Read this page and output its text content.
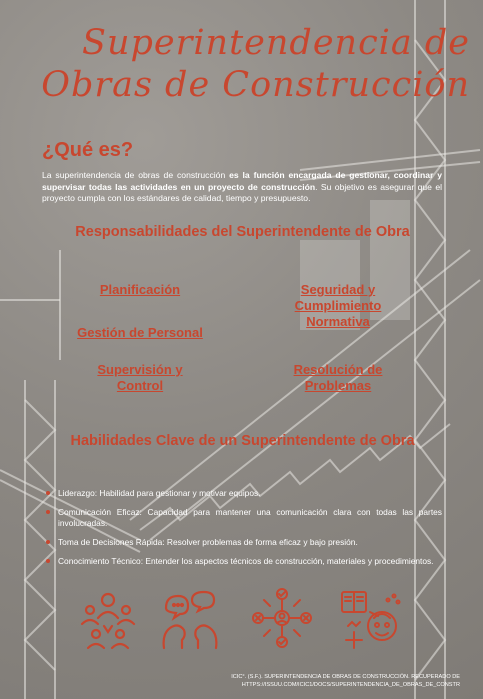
Superintendencia de
Obras de Construcción
¿Qué es?

La superintendencia de obras de construcción es la función encargada de gestionar, coordinar y supervisar todas las actividades en un proyecto de construcción. Su objetivo es asegurar que el proyecto cumpla con los estándares de calidad, tiempo y presupuesto.

Responsabilidades del Superintendente de Obra
Planificación	Seguridad y Cumplimiento Normativa
Gestión de Personal
Supervisión y Control
Resolución de Problemas
Habilidades Clave de un Superintendente de Obra
Liderazgo: Habilidad para gestionar y motivar equipos.
Comunicación Eficaz: Capacidad para mantener una comunicación clara con todas las partes involucradas.
Toma de Decisiones Rápida: Resolver problemas de forma eficaz y bajo presión.
Conocimiento Técnico: Entender los aspectos técnicos de construcción, materiales y procedimientos.
ICIC°. (S.F.). SUPERINTENDENCIA DE OBRAS DE CONSTRUCCIÓN. RECUPERADO DE
HTTPS://ISSUU.COM/ICIC1/DOCS/SUPERINTENDENCIA_DE_OBRAS_DE_CONSTR
